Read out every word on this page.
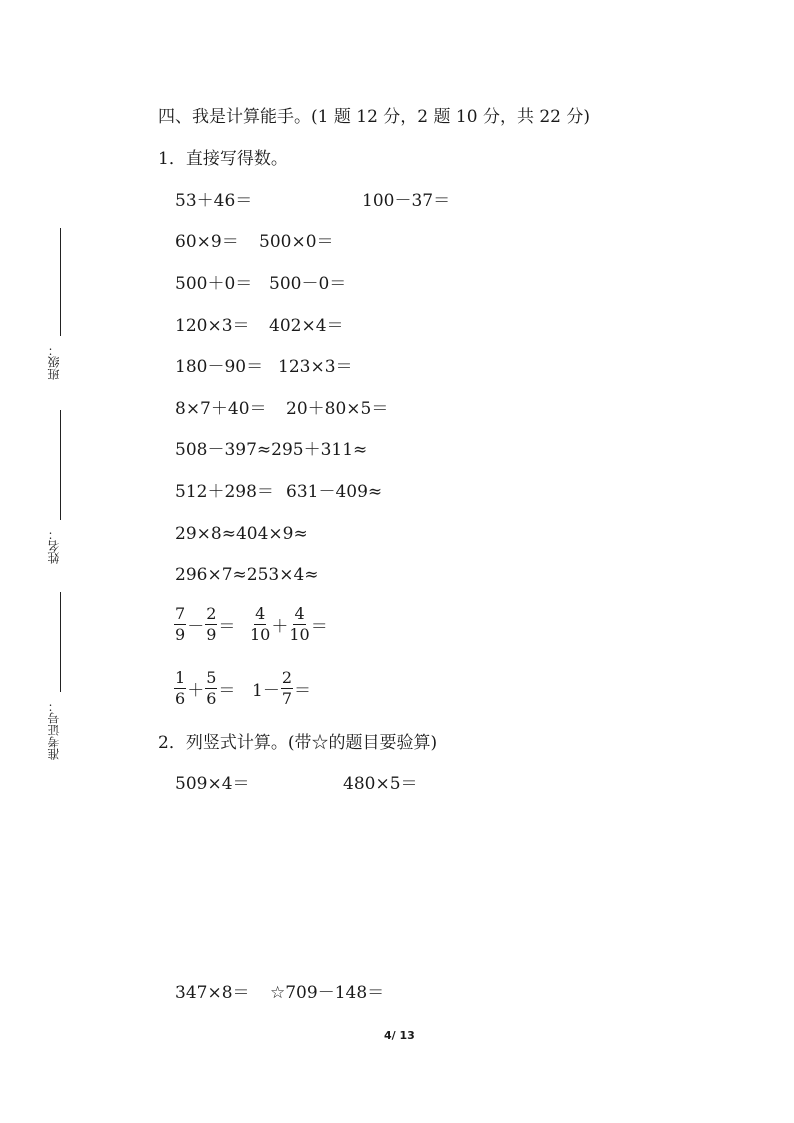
班级：
姓名：
准考证号：
四、我是计算能手。(1 题 12 分，2 题 10 分，共 22 分)
1．直接写得数。
53＋46＝	100－37＝
60×9＝ 500×0＝
500＋0＝ 500－0＝
120×3＝ 402×4＝
180－90＝ 123×3＝
8×7＋40＝ 20＋80×5＝
508－397≈295＋311≈
512＋298＝ 631－409≈
29×8≈404×9≈
296×7≈253×4≈
$\frac{7}{9} - \frac{2}{9} = \frac{4}{10} + \frac{4}{10}$ ＝
$\frac{1}{6} + \frac{5}{6} = 1- \frac{2}{7}$ ＝
2．列竖式计算。(带☆的题目要验算)
509×4＝	480×5＝
347×8＝ ☆709－148＝
4/ 13
